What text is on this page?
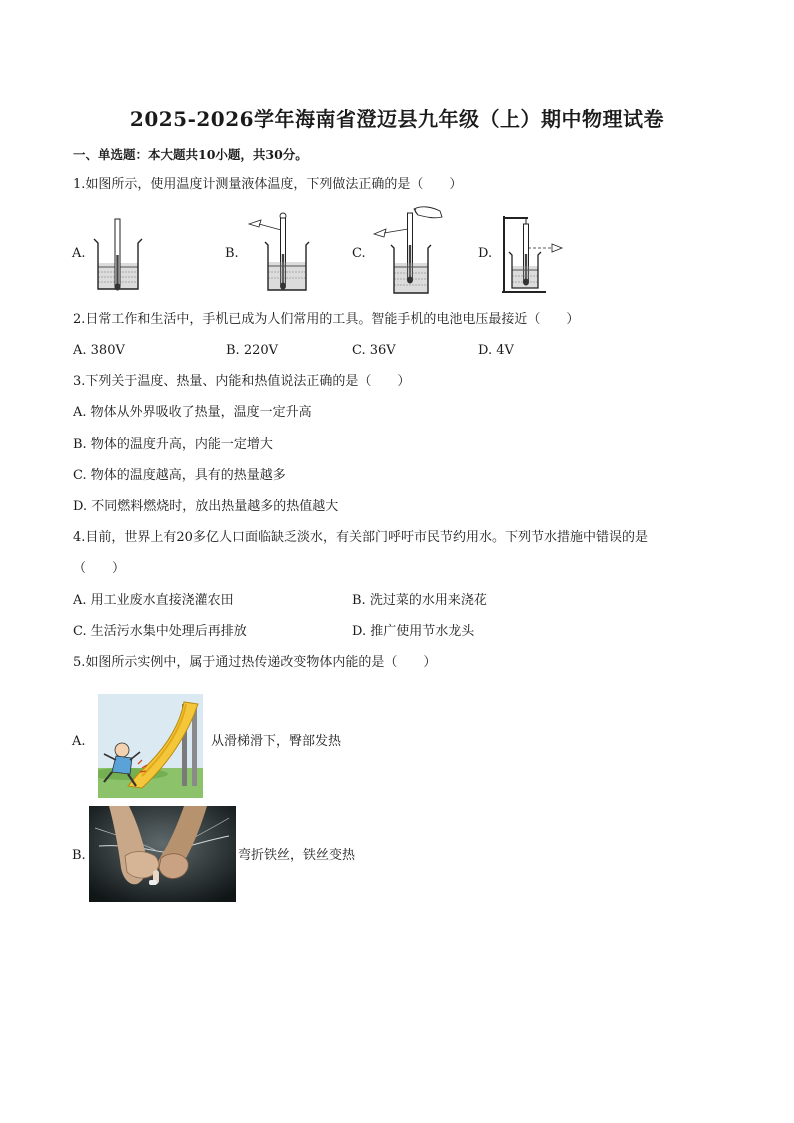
2025-2026学年海南省澄迈县九年级（上）期中物理试卷
一、单选题：本大题共10小题，共30分。
1.如图所示，使用温度计测量液体温度，下列做法正确的是（　　）
A.	B.	C.	D.
2.日常工作和生活中，手机已成为人们常用的工具。智能手机的电池电压最接近（　　）
A. 380V	B. 220V	C. 36V	D. 4V
3.下列关于温度、热量、内能和热值说法正确的是（　　）
A. 物体从外界吸收了热量，温度一定升高
B. 物体的温度升高，内能一定增大
C. 物体的温度越高，具有的热量越多
D. 不同燃料燃烧时，放出热量越多的热值越大
4.目前，世界上有20多亿人口面临缺乏淡水，有关部门呼吁市民节约用水。下列节水措施中错误的是
（　　）
A. 用工业废水直接浇灌农田	B. 洗过菜的水用来浇花
C. 生活污水集中处理后再排放	D. 推广使用节水龙头
5.如图所示实例中，属于通过热传递改变物体内能的是（　　）
A.	从滑梯滑下，臀部发热
B.	弯折铁丝，铁丝变热
